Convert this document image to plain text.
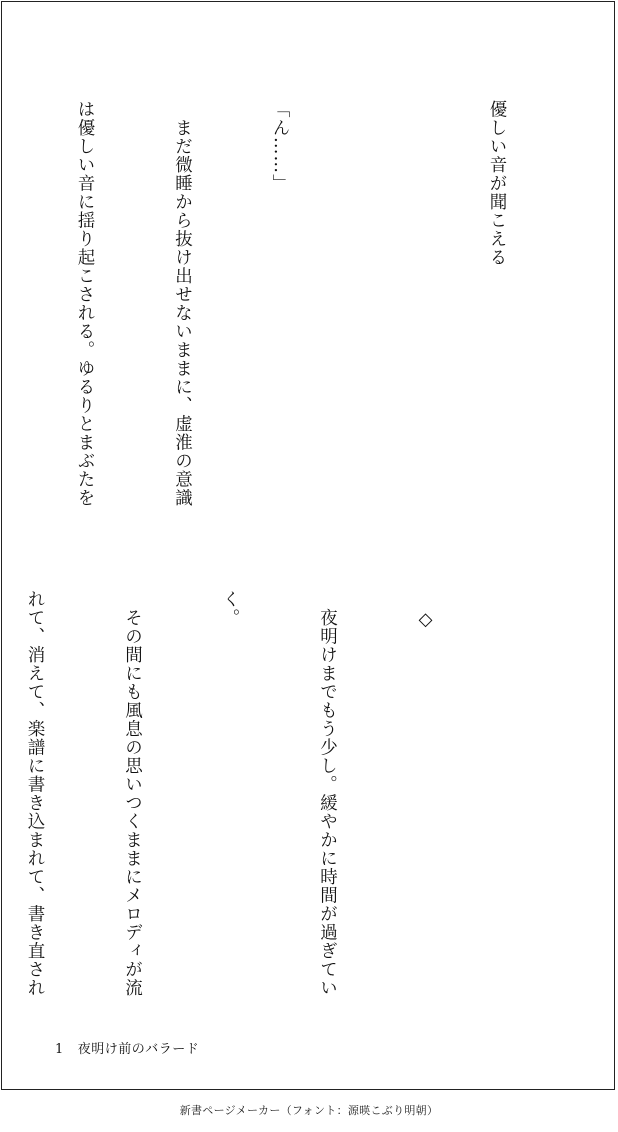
優しい音が聞こえる

「ん……」

　まだ微睡から抜け出せないままに、虚淮の意識

は優しい音に揺り起こされる。ゆるりとまぶたを

　◇

　夜明けまでもう少し。緩やかに時間が過ぎてい

く。

　その間にも風息の思いつくままにメロディが流

れて、消えて、楽譜に書き込まれて、書き直され

1 夜明け前のバラード
新書ページメーカー（フォント：源暎こぶり明朝）
